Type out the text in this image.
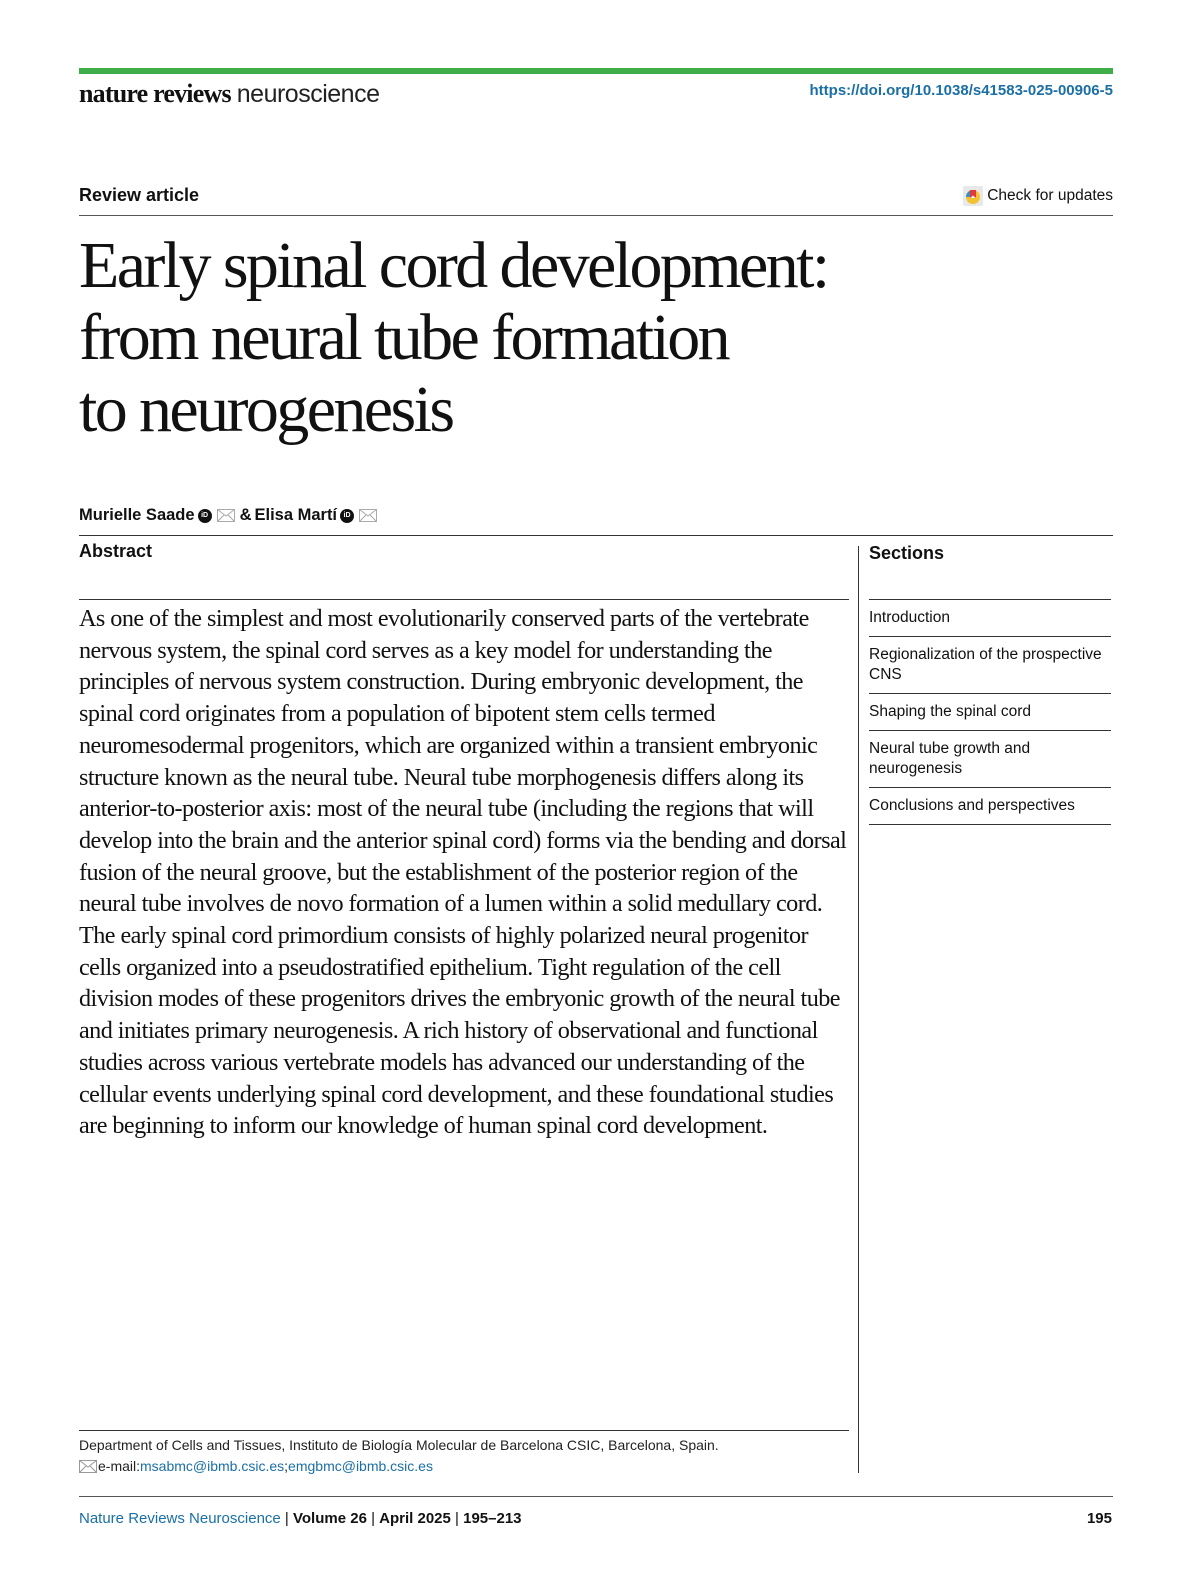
nature reviews neuroscience	https://doi.org/10.1038/s41583-025-00906-5
Review article	Check for updates
Early spinal cord development:
from neural tube formation
to neurogenesis
Murielle Saade iD & Elisa Martí iD
Abstract

As one of the simplest and most evolutionarily conserved parts of the vertebrate nervous system, the spinal cord serves as a key model for understanding the principles of nervous system construction. During embryonic development, the spinal cord originates from a population of bipotent stem cells termed neuromesodermal progenitors, which are organized within a transient embryonic structure known as the neural tube. Neural tube morphogenesis differs along its anterior-to-posterior axis: most of the neural tube (including the regions that will develop into the brain and the anterior spinal cord) forms via the bending and dorsal fusion of the neural groove, but the establishment of the posterior region of the neural tube involves de novo formation of a lumen within a solid medullary cord. The early spinal cord primordium consists of highly polarized neural progenitor cells organized into a pseudostratified epithelium. Tight regulation of the cell division modes of these progenitors drives the embryonic growth of the neural tube and initiates primary neurogenesis. A rich history of observational and functional studies across various vertebrate models has advanced our understanding of the cellular events underlying spinal cord development, and these foundational studies are beginning to inform our knowledge of human spinal cord development.

Sections
Introduction
Regionalization of the prospective CNS
Shaping the spinal cord
Neural tube growth and neurogenesis
Conclusions and perspectives
Department of Cells and Tissues, Instituto de Biología Molecular de Barcelona CSIC, Barcelona, Spain.
e-mail: msabmc@ibmb.csic.es ; emgbmc@ibmb.csic.es
Nature Reviews Neuroscience | Volume 26 | April 2025 | 195–213	195
